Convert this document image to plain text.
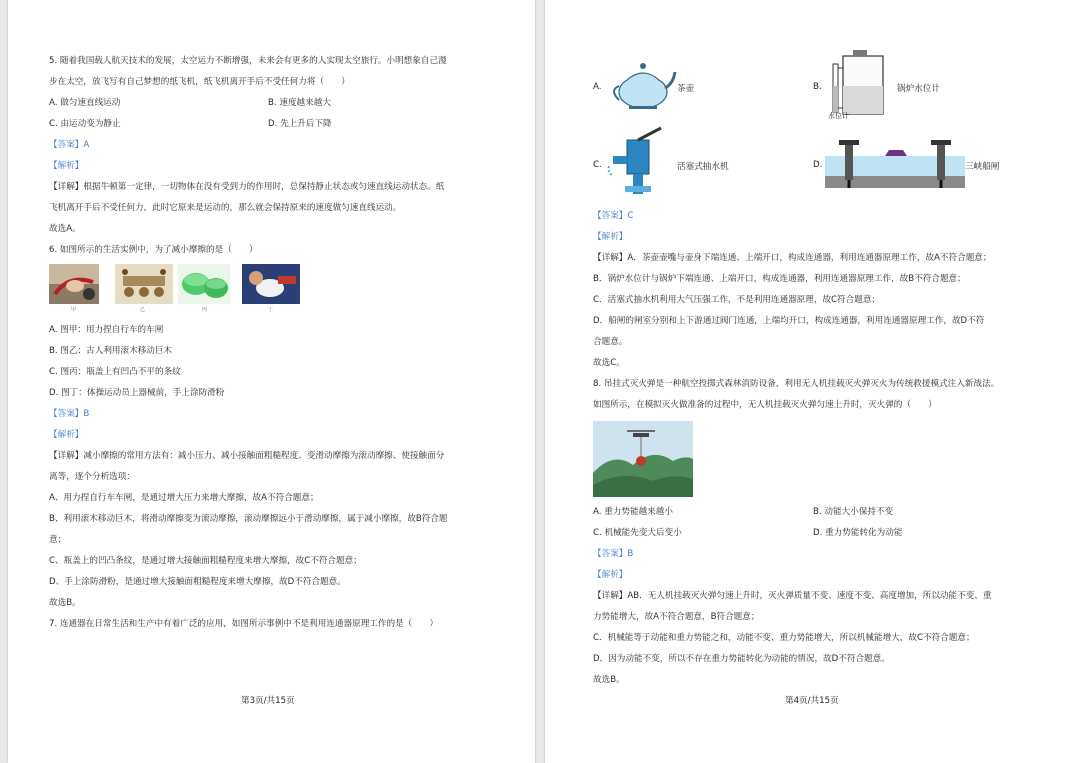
5. 随着我国载人航天技术的发展，太空运力不断增强，未来会有更多的人实现太空旅行。小明想象自己漫
步在太空，放飞写有自己梦想的纸飞机，纸飞机离开手后不受任何力将（　　）
A. 做匀速直线运动	B. 速度越来越大
C. 由运动变为静止	D. 先上升后下降
【答案】A
【解析】
【详解】根据牛顿第一定律，一切物体在没有受到力的作用时，总保持静止状态或匀速直线运动状态。纸
飞机离开手后不受任何力，此时它原来是运动的，那么就会保持原来的速度做匀速直线运动。
故选A。
6. 如图所示的生活实例中，为了减小摩擦的是（　　）
甲	乙	丙	丁
A. 图甲：用力捏自行车的车闸
B. 图乙：古人利用滚木移动巨木
C. 图丙：瓶盖上有凹凸不平的条纹
D. 图丁：体操运动员上器械前，手上涂防滑粉
【答案】B
【解析】
【详解】减小摩擦的常用方法有：减小压力、减小接触面粗糙程度、变滑动摩擦为滚动摩擦、使接触面分
离等，逐个分析选项：
A、用力捏自行车车闸，是通过增大压力来增大摩擦，故A不符合题意；
B、利用滚木移动巨木，将滑动摩擦变为滚动摩擦，滚动摩擦远小于滑动摩擦，属于减小摩擦，故B符合题
意；
C、瓶盖上的凹凸条纹，是通过增大接触面粗糙程度来增大摩擦，故C不符合题意；
D、手上涂防滑粉，是通过增大接触面粗糙程度来增大摩擦，故D不符合题意。
故选B。
7. 连通器在日常生活和生产中有着广泛的应用，如图所示事例中不是利用连通器原理工作的是（　　）
第3页/共15页
A.	茶壶	B.	锅炉水位计
水位计
C.	活塞式抽水机	D.	三峡船闸
【答案】C
【解析】
【详解】A．茶壶壶嘴与壶身下端连通、上端开口，构成连通器，利用连通器原理工作，故A不符合题意；
B．锅炉水位计与锅炉下端连通、上端开口，构成连通器，利用连通器原理工作，故B不符合题意；
C．活塞式抽水机利用大气压强工作，不是利用连通器原理，故C符合题意；
D．船闸的闸室分别和上下游通过阀门连通，上端均开口，构成连通器，利用连通器原理工作，故D不符
合题意。
故选C。
8. 吊挂式灭火弹是一种航空投掷式森林消防设备，利用无人机挂载灭火弹灭火为传统救援模式注入新战法。
如图所示，在模拟灭火做准备的过程中，无人机挂载灭火弹匀速上升时，灭火弹的（　　）
A. 重力势能越来越小	B. 动能大小保持不变
C. 机械能先变大后变小	D. 重力势能转化为动能
【答案】B
【解析】
【详解】AB．无人机挂载灭火弹匀速上升时，灭火弹质量不变、速度不变、高度增加，所以动能不变、重
力势能增大，故A不符合题意，B符合题意；
C．机械能等于动能和重力势能之和，动能不变、重力势能增大，所以机械能增大，故C不符合题意；
D．因为动能不变，所以不存在重力势能转化为动能的情况，故D不符合题意。
故选B。
第4页/共15页
